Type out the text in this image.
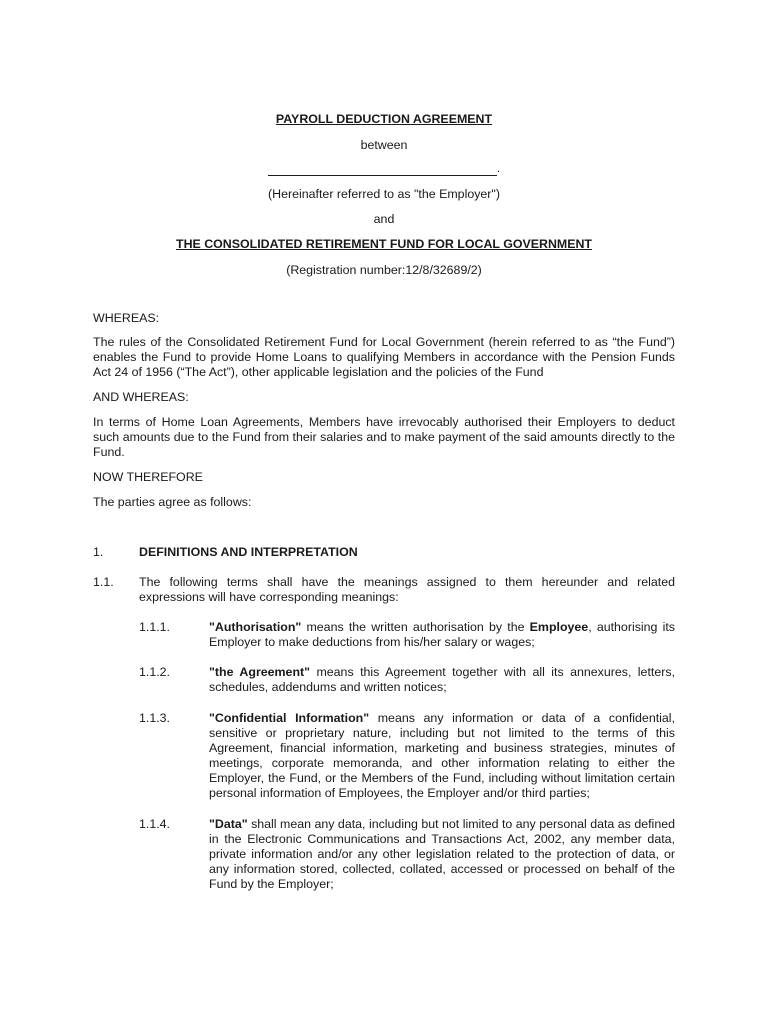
PAYROLL DEDUCTION AGREEMENT
between
.
(Hereinafter referred to as "the Employer")
and
THE CONSOLIDATED RETIREMENT FUND FOR LOCAL GOVERNMENT
(Registration number:12/8/32689/2)
WHEREAS:
The rules of the Consolidated Retirement Fund for Local Government (herein referred to as “the Fund”) enables the Fund to provide Home Loans to qualifying Members in accordance with the Pension Funds Act 24 of 1956 (“The Act”), other applicable legislation and the policies of the Fund
AND WHEREAS:
In terms of Home Loan Agreements, Members have irrevocably authorised their Employers to deduct such amounts due to the Fund from their salaries and to make payment of the said amounts directly to the Fund.
NOW THEREFORE
The parties agree as follows:
1.	DEFINITIONS AND INTERPRETATION
1.1. The following terms shall have the meanings assigned to them hereunder and related expressions will have corresponding meanings:
1.1.1.	"Authorisation" means the written authorisation by the Employee, authorising its Employer to make deductions from his/her salary or wages;
1.1.2.	"the Agreement" means this Agreement together with all its annexures, letters, schedules, addendums and written notices;
1.1.3.	"Confidential Information" means any information or data of a confidential, sensitive or proprietary nature, including but not limited to the terms of this Agreement, financial information, marketing and business strategies, minutes of meetings, corporate memoranda, and other information relating to either the Employer, the Fund, or the Members of the Fund, including without limitation certain personal information of Employees, the Employer and/or third parties;
1.1.4.	"Data" shall mean any data, including but not limited to any personal data as defined in the Electronic Communications and Transactions Act, 2002, any member data, private information and/or any other legislation related to the protection of data, or any information stored, collected, collated, accessed or processed on behalf of the Fund by the Employer;
